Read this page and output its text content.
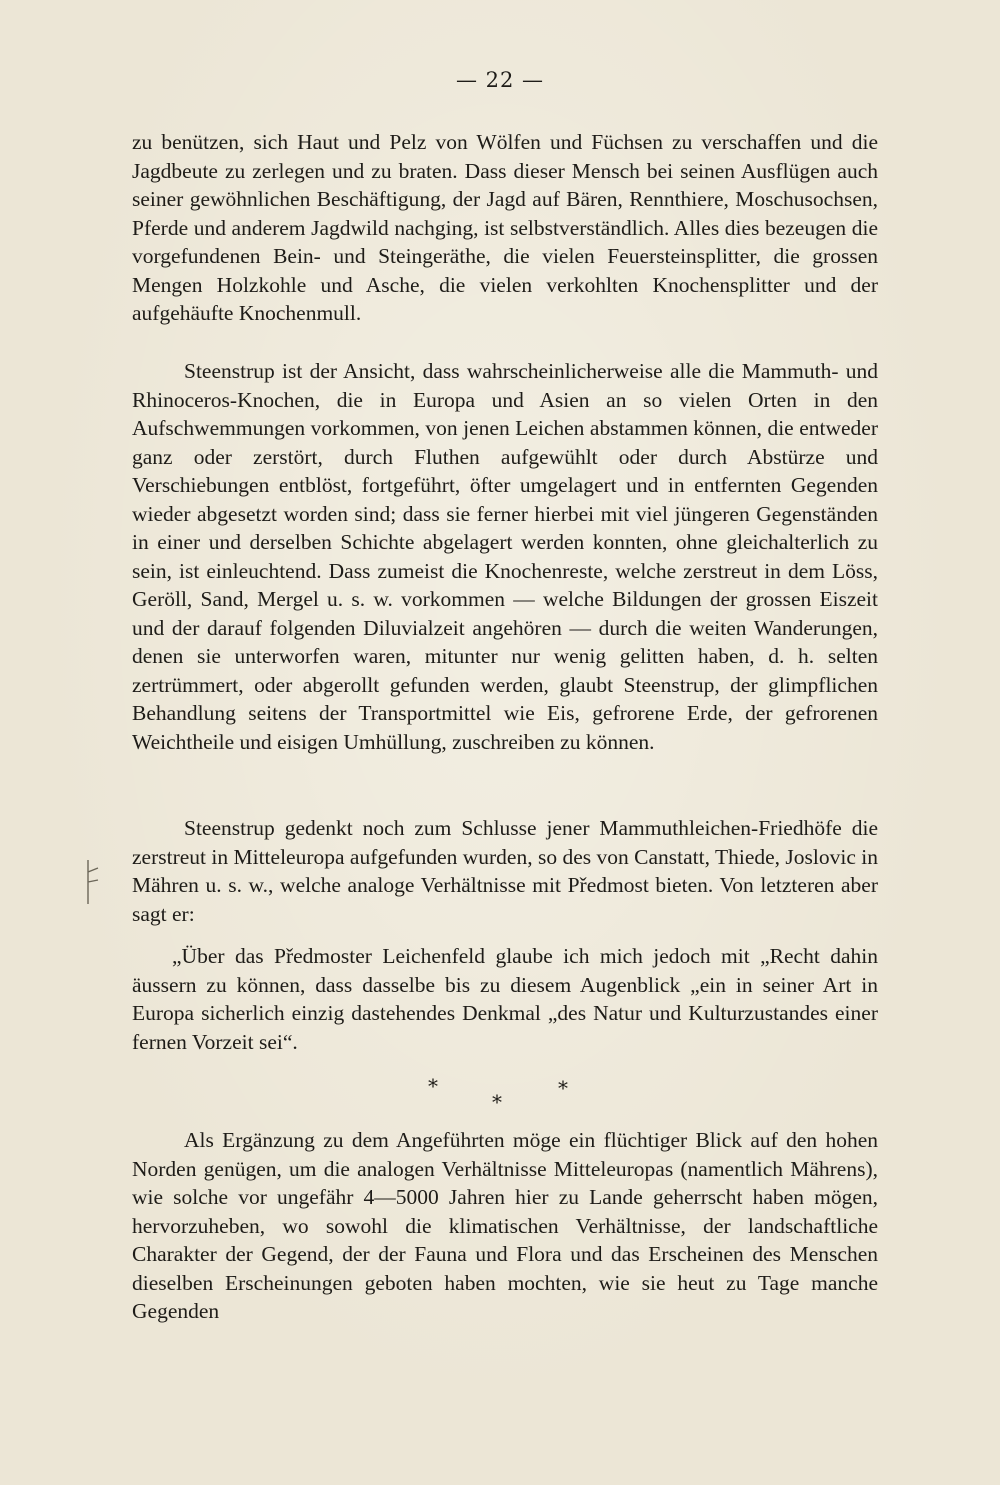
— 22 —

zu benützen, sich Haut und Pelz von Wölfen und Füchsen zu verschaffen und die Jagdbeute zu zerlegen und zu braten. Dass dieser Mensch bei seinen Ausflügen auch seiner gewöhnlichen Beschäftigung, der Jagd auf Bären, Rennthiere, Moschusochsen, Pferde und anderem Jagdwild nachging, ist selbstverständlich. Alles dies bezeugen die vorgefundenen Bein- und Steingeräthe, die vielen Feuersteinsplitter, die grossen Mengen Holzkohle und Asche, die vielen verkohlten Knochensplitter und der aufgehäufte Knochenmull.

Steenstrup ist der Ansicht, dass wahrscheinlicherweise alle die Mammuth- und Rhinoceros-Knochen, die in Europa und Asien an so vielen Orten in den Aufschwemmungen vorkommen, von jenen Leichen abstammen können, die entweder ganz oder zerstört, durch Fluthen aufgewühlt oder durch Abstürze und Verschiebungen entblöst, fortgeführt, öfter umgelagert und in entfernten Gegenden wieder abgesetzt worden sind; dass sie ferner hierbei mit viel jüngeren Gegenständen in einer und derselben Schichte abgelagert werden konnten, ohne gleichalterlich zu sein, ist einleuchtend. Dass zumeist die Knochenreste, welche zerstreut in dem Löss, Geröll, Sand, Mergel u. s. w. vorkommen — welche Bildungen der grossen Eiszeit und der darauf folgenden Diluvialzeit angehören — durch die weiten Wanderungen, denen sie unterworfen waren, mitunter nur wenig gelitten haben, d. h. selten zertrümmert, oder abgerollt gefunden werden, glaubt Steenstrup, der glimpflichen Behandlung seitens der Transportmittel wie Eis, gefrorene Erde, der gefrorenen Weichtheile und eisigen Umhüllung, zuschreiben zu können.

Steenstrup gedenkt noch zum Schlusse jener Mammuthleichen-Friedhöfe die zerstreut in Mitteleuropa aufgefunden wurden, so des von Canstatt, Thiede, Joslovic in Mähren u. s. w., welche analoge Verhältnisse mit Předmost bieten. Von letzteren aber sagt er:

„Über das Předmoster Leichenfeld glaube ich mich jedoch mit „Recht dahin äussern zu können, dass dasselbe bis zu diesem Augenblick „ein in seiner Art in Europa sicherlich einzig dastehendes Denkmal „des Natur und Kulturzustandes einer fernen Vorzeit sei“.

*
*
*

Als Ergänzung zu dem Angeführten möge ein flüchtiger Blick auf den hohen Norden genügen, um die analogen Verhältnisse Mitteleuropas (namentlich Mährens), wie solche vor ungefähr 4—5000 Jahren hier zu Lande geherrscht haben mögen, hervorzuheben, wo sowohl die klimatischen Verhältnisse, der landschaftliche Charakter der Gegend, der der Fauna und Flora und das Erscheinen des Menschen dieselben Erscheinungen geboten haben mochten, wie sie heut zu Tage manche Gegenden
